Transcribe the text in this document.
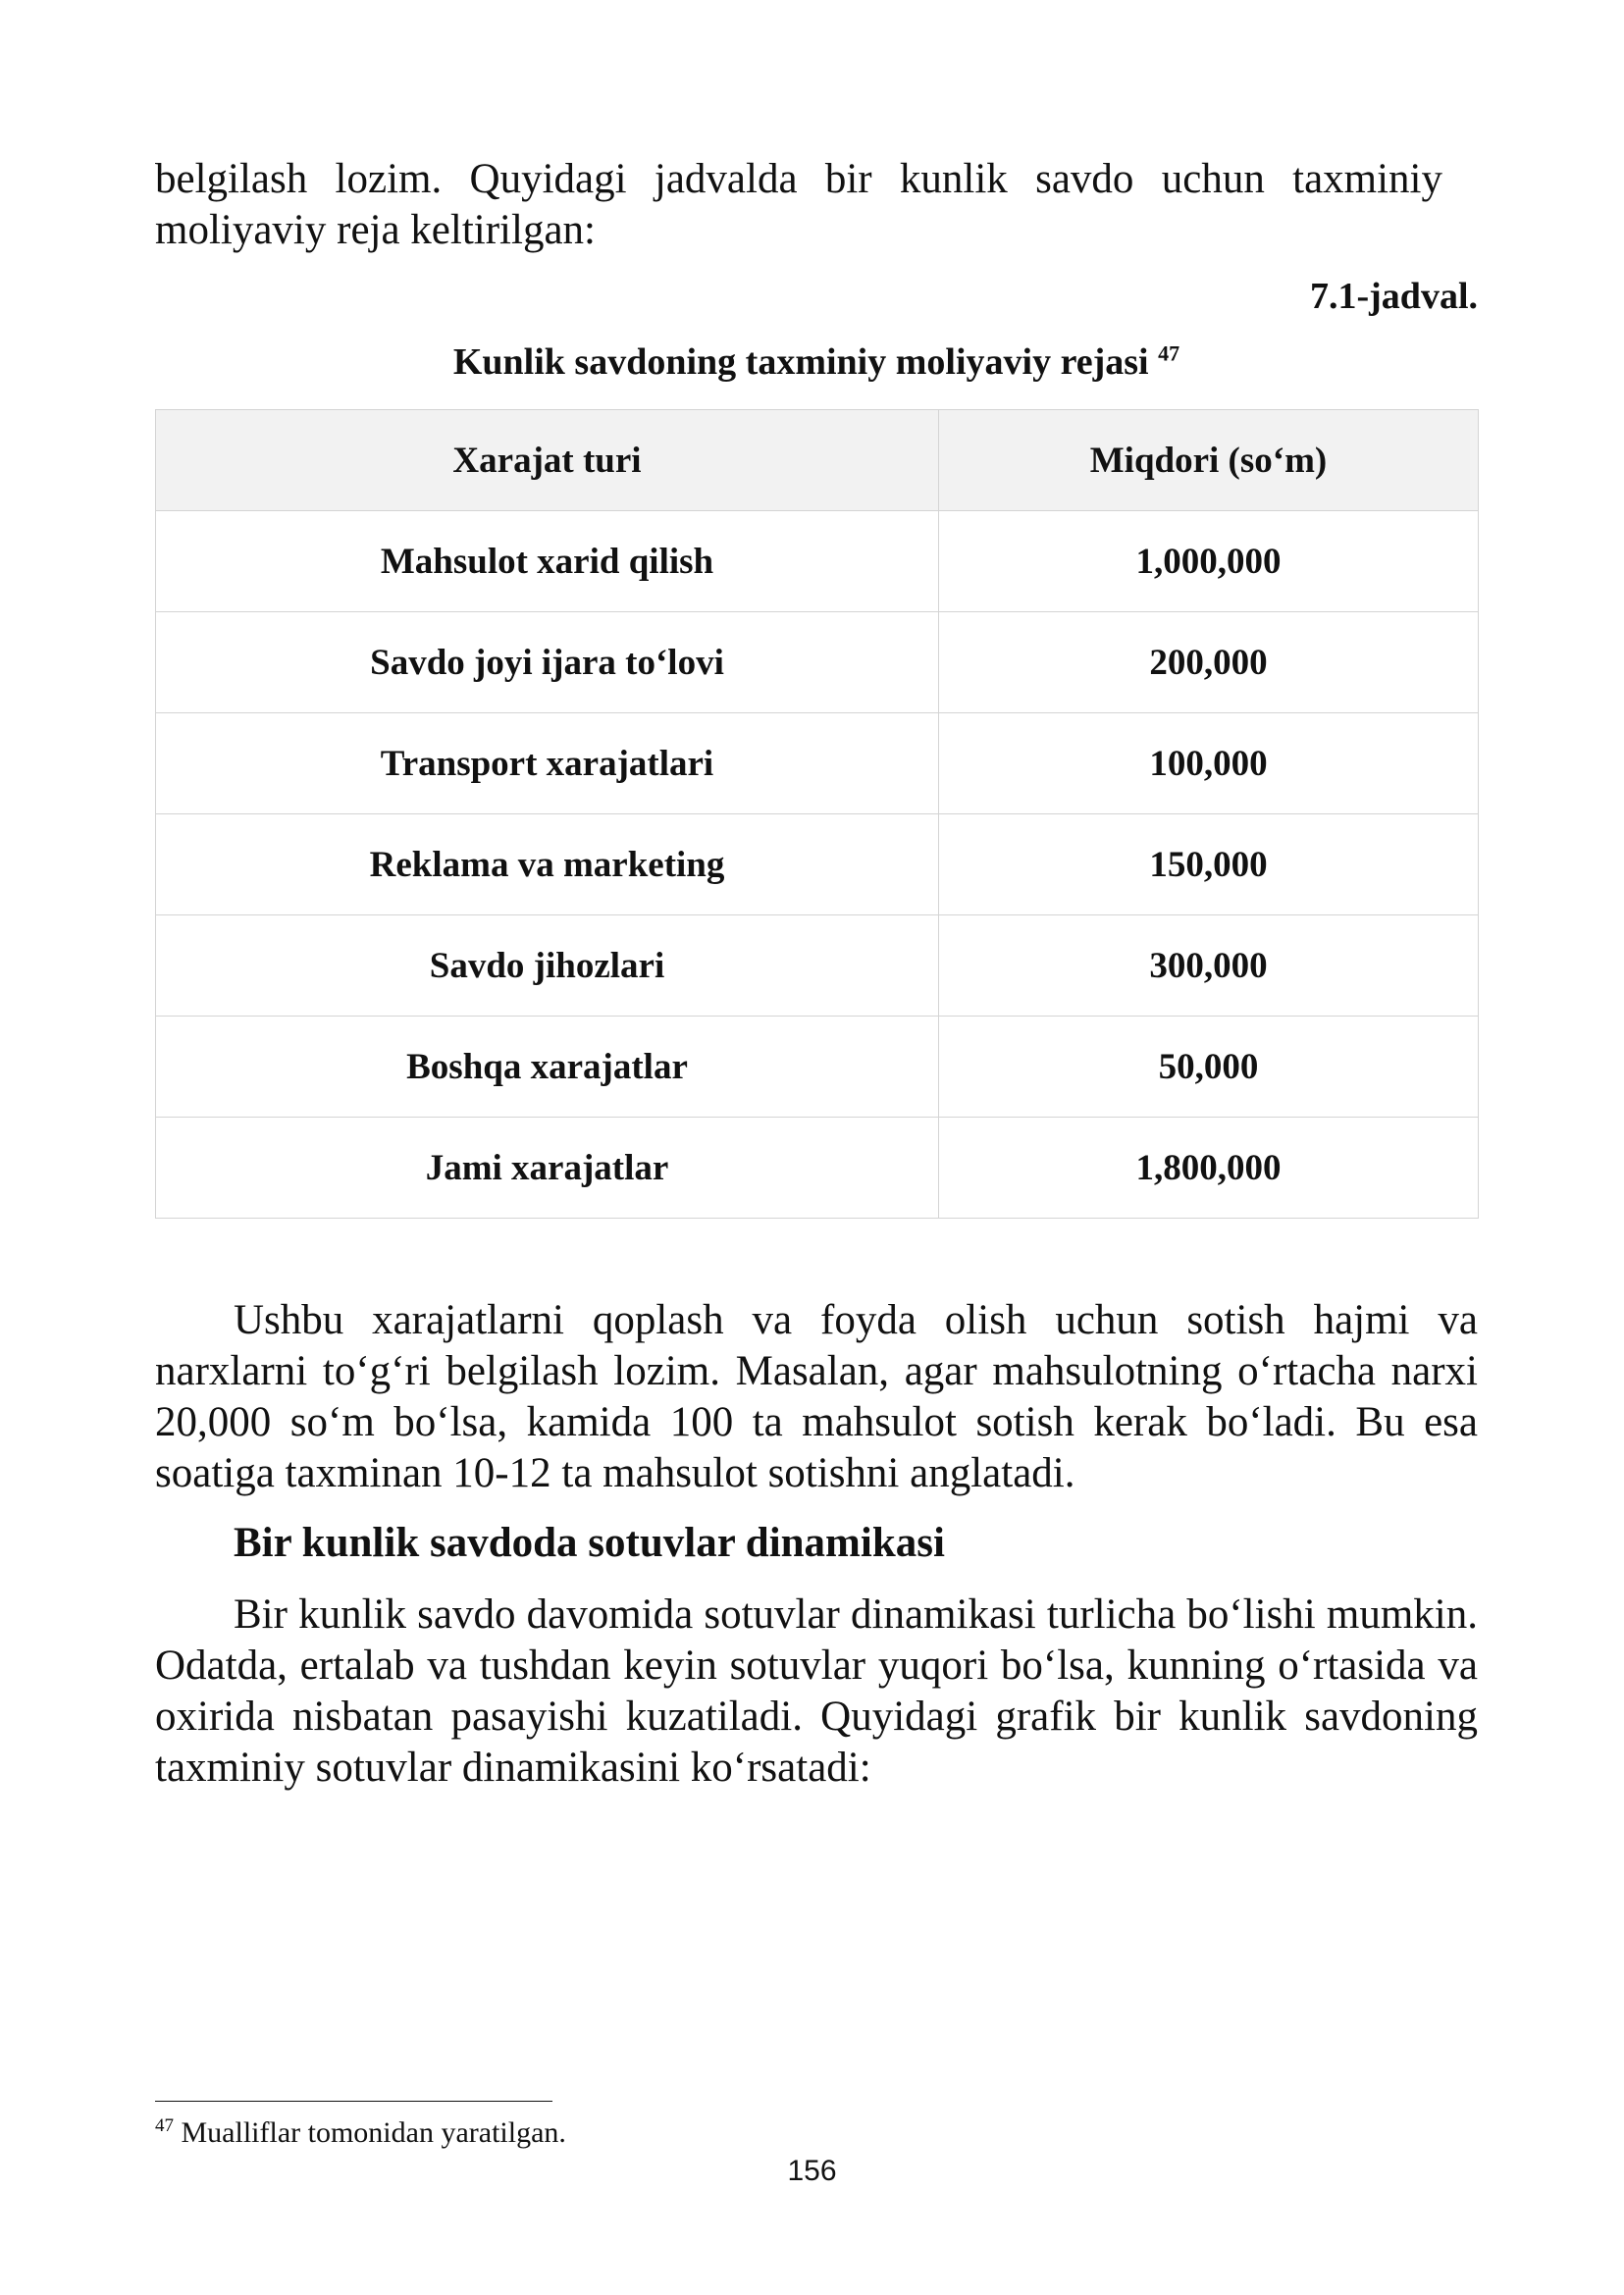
belgilash lozim. Quyidagi jadvalda bir kunlik savdo uchun taxminiy moliyaviy reja keltirilgan:

7.1-jadval.
Kunlik savdoning taxminiy moliyaviy rejasi $^{47}$
Xarajat turi	Miqdori (so‘m)
Mahsulot xarid qilish	1,000,000
Savdo joyi ijara to‘lovi	200,000
Transport xarajatlari	100,000
Reklama va marketing	150,000
Savdo jihozlari	300,000
Boshqa xarajatlar	50,000
Jami xarajatlar	1,800,000

Ushbu xarajatlarni qoplash va foyda olish uchun sotish hajmi va narxlarni to‘g‘ri belgilash lozim. Masalan, agar mahsulotning o‘rtacha narxi 20,000 so‘m bo‘lsa, kamida 100 ta mahsulot sotish kerak bo‘ladi. Bu esa soatiga taxminan 10-12 ta mahsulot sotishni anglatadi.

Bir kunlik savdoda sotuvlar dinamikasi

Bir kunlik savdo davomida sotuvlar dinamikasi turlicha bo‘lishi mumkin. Odatda, ertalab va tushdan keyin sotuvlar yuqori bo‘lsa, kunning o‘rtasida va oxirida nisbatan pasayishi kuzatiladi. Quyidagi grafik bir kunlik savdoning taxminiy sotuvlar dinamikasini ko‘rsatadi:

$^{47}$ Mualliflar tomonidan yaratilgan.
156
